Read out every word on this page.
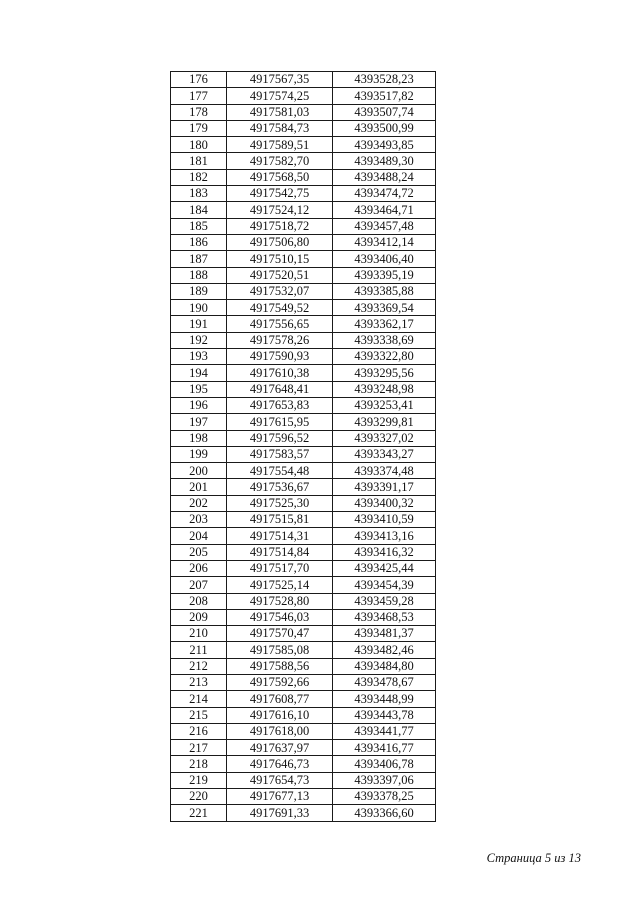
176	4917567,35	4393528,23
177	4917574,25	4393517,82
178	4917581,03	4393507,74
179	4917584,73	4393500,99
180	4917589,51	4393493,85
181	4917582,70	4393489,30
182	4917568,50	4393488,24
183	4917542,75	4393474,72
184	4917524,12	4393464,71
185	4917518,72	4393457,48
186	4917506,80	4393412,14
187	4917510,15	4393406,40
188	4917520,51	4393395,19
189	4917532,07	4393385,88
190	4917549,52	4393369,54
191	4917556,65	4393362,17
192	4917578,26	4393338,69
193	4917590,93	4393322,80
194	4917610,38	4393295,56
195	4917648,41	4393248,98
196	4917653,83	4393253,41
197	4917615,95	4393299,81
198	4917596,52	4393327,02
199	4917583,57	4393343,27
200	4917554,48	4393374,48
201	4917536,67	4393391,17
202	4917525,30	4393400,32
203	4917515,81	4393410,59
204	4917514,31	4393413,16
205	4917514,84	4393416,32
206	4917517,70	4393425,44
207	4917525,14	4393454,39
208	4917528,80	4393459,28
209	4917546,03	4393468,53
210	4917570,47	4393481,37
211	4917585,08	4393482,46
212	4917588,56	4393484,80
213	4917592,66	4393478,67
214	4917608,77	4393448,99
215	4917616,10	4393443,78
216	4917618,00	4393441,77
217	4917637,97	4393416,77
218	4917646,73	4393406,78
219	4917654,73	4393397,06
220	4917677,13	4393378,25
221	4917691,33	4393366,60
Страница 5 из 13
